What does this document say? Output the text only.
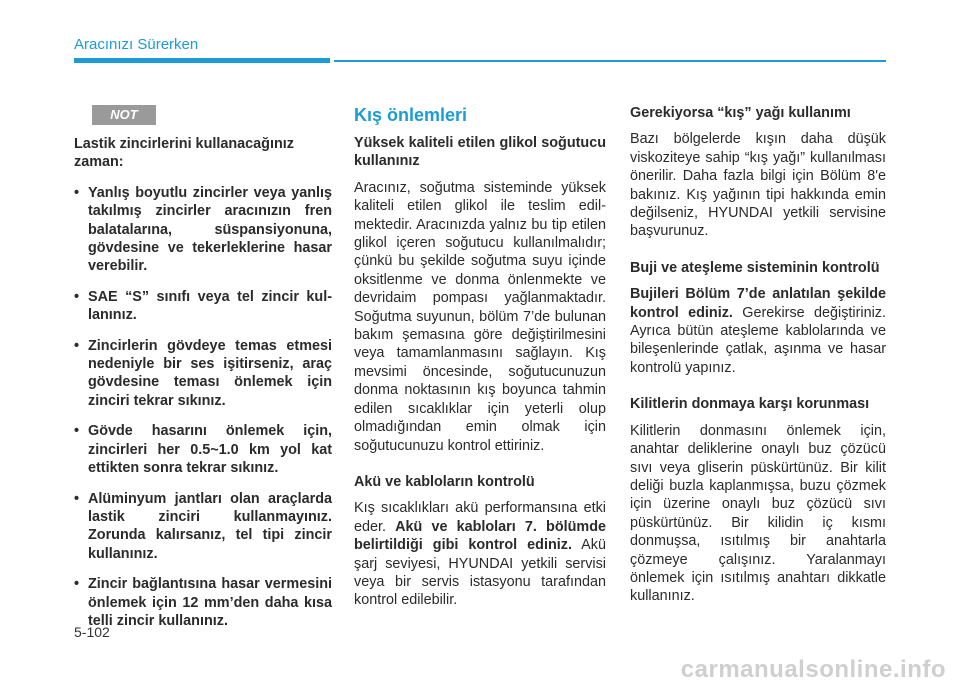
Aracınızı Sürerken
NOT

Lastik zincirlerini kullanacağınız zaman:

• Yanlış boyutlu zincirler veya yanlış takılmış zincirler aracınızın fren balatalarına, süspansiyonuna, gövdesine ve tekerleklerine hasar verebilir.
• SAE “S” sınıfı veya tel zincir kullanınız.
• Zincirlerin gövdeye temas etmesi nedeniyle bir ses işitirseniz, araç gövdesine teması önlemek için zinciri tekrar sıkınız.
• Gövde hasarını önlemek için, zincirleri her 0.5~1.0 km yol kat ettikten sonra tekrar sıkınız.
• Alüminyum jantları olan araçlarda lastik zinciri kullanmayınız. Zorunda kalırsanız, tel tipi zincir kullanınız.
• Zincir bağlantısına hasar vermesini önlemek için 12 mm’den daha kısa telli zincir kullanınız.
Kış önlemleri

Yüksek kaliteli etilen glikol soğutucu kullanınız

Aracınız, soğutma sisteminde yüksek kaliteli etilen glikol ile teslim edilmektedir. Aracınızda yalnız bu tip etilen glikol içeren soğutucu kullanılmalıdır; çünkü bu şekilde soğutma suyu içinde oksitlenme ve donma önlenmekte ve devridaim pompası yağlanmaktadır. Soğutma suyunun, bölüm 7’de bulunan bakım şemasına göre değiştirilmesini veya tamamlanmasını sağlayın. Kış mevsimi öncesinde, soğutucunuzun donma noktasının kış boyunca tahmin edilen sıcaklıklar için yeterli olup olmadığından emin olmak için soğutucunuzu kontrol ettiriniz.

Akü ve kabloların kontrolü

Kış sıcaklıkları akü performansına etki eder. Akü ve kabloları 7. bölümde belirtildiği gibi kontrol ediniz. Akü şarj seviyesi, HYUNDAI yetkili servisi veya bir servis istasyonu tarafından kontrol edilebilir.

Gerekiyorsa “kış” yağı kullanımı

Bazı bölgelerde kışın daha düşük viskoziteye sahip “kış yağı” kullanılması önerilir. Daha fazla bilgi için Bölüm 8'e bakınız. Kış yağının tipi hakkında emin değilseniz, HYUNDAI yetkili servisine başvurunuz.

Buji ve ateşleme sisteminin kontrolü

Bujileri Bölüm 7’de anlatılan şekilde kontrol ediniz. Gerekirse değiştiriniz. Ayrıca bütün ateşleme kablolarında ve bileşenlerinde çatlak, aşınma ve hasar kontrolü yapınız.

Kilitlerin donmaya karşı korunması

Kilitlerin donmasını önlemek için, anahtar deliklerine onaylı buz çözücü sıvı veya gliserin püskürtünüz. Bir kilit deliği buzla kaplanmışsa, buzu çözmek için üzerine onaylı buz çözücü sıvı püskürtünüz. Bir kilidin iç kısmı donmuşsa, ısıtılmış bir anahtarla çözmeye çalışınız. Yaralanmayı önlemek için ısıtılmış anahtarı dikkatle kullanınız.

5-102
carmanualsonline.info
